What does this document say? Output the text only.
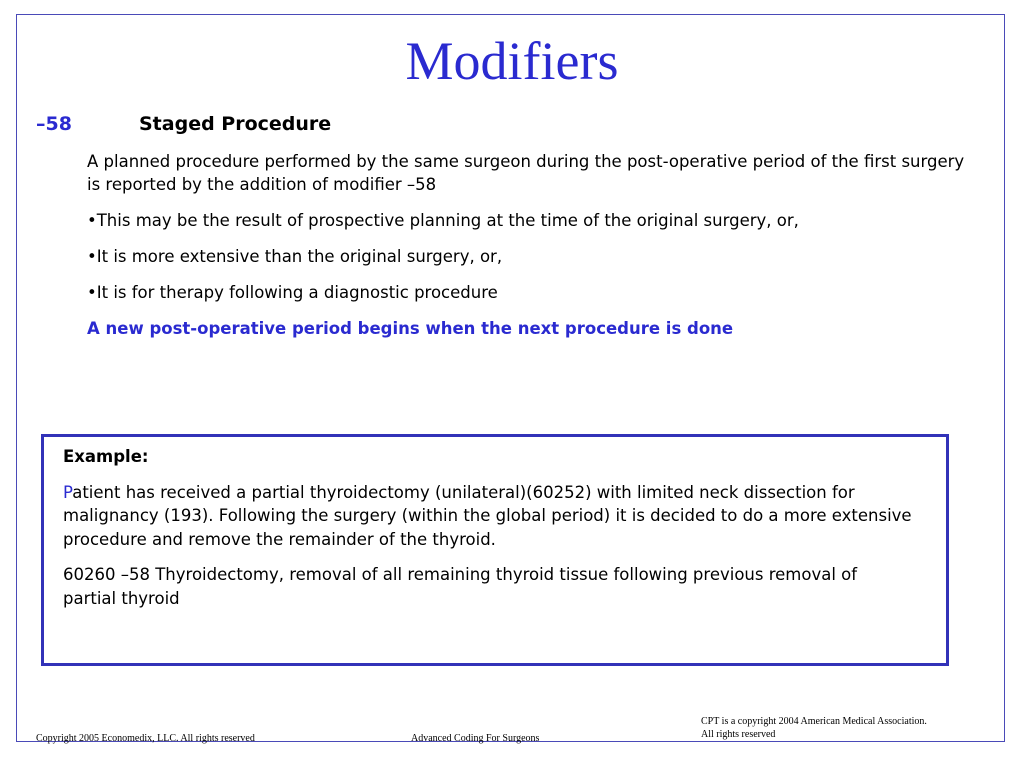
Modifiers
–58	Staged Procedure

A planned procedure performed by the same surgeon during the post-operative period of the first surgery is reported by the addition of modifier –58

•This may be the result of prospective planning at the time of the original surgery, or,

•It is more extensive than the original surgery, or,

•It is for therapy following a diagnostic procedure

A new post-operative period begins when the next procedure is done

Example:

Patient has received a partial thyroidectomy (unilateral)(60252) with limited neck dissection for malignancy (193). Following the surgery (within the global period) it is decided to do a more extensive procedure and remove the remainder of the thyroid.

60260 –58 Thyroidectomy, removal of all remaining thyroid tissue following previous removal of partial thyroid

Copyright 2005 Economedix, LLC. All rights reserved	Advanced Coding For Surgeons
CPT is a copyright 2004 American Medical Association.
All rights reserved
